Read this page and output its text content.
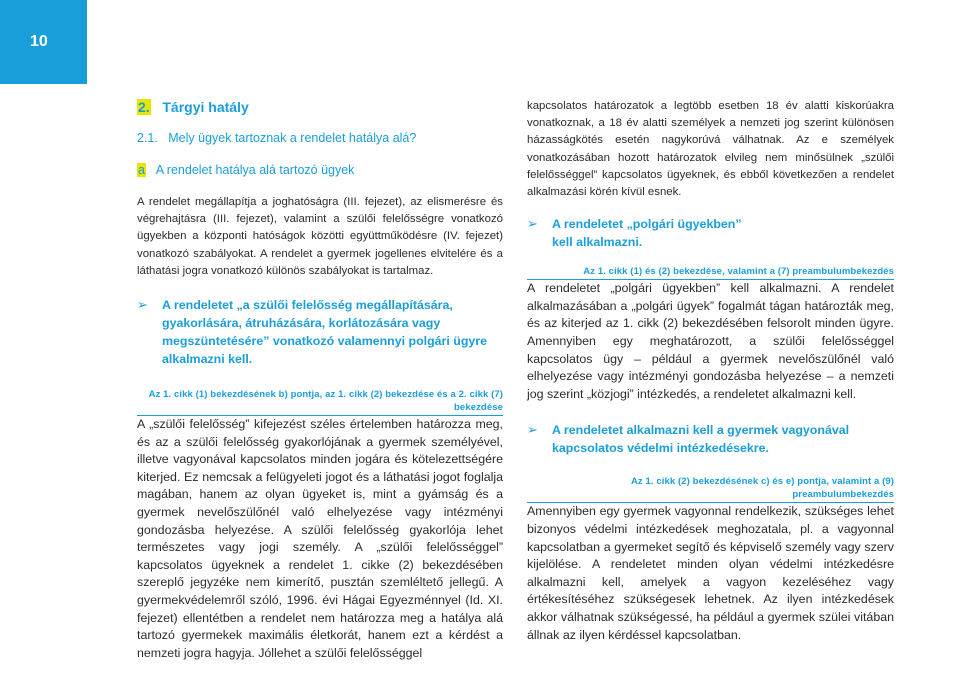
10
2. Tárgyi hatály
2.1.   Mely ügyek tartoznak a rendelet hatálya alá?
a A rendelet hatálya alá tartozó ügyek

A rendelet megállapítja a joghatóságra (III. fejezet), az elismerésre és végrehajtásra (III. fejezet), valamint a szülői felelősségre vonatkozó ügyekben a központi hatóságok közötti együttműködésre (IV. fejezet) vonatkozó szabályokat. A rendelet a gyermek jogellenes elvitelére és a láthatási jogra vonatkozó különös szabályokat is tartalmaz.

➢ A rendeletet „a szülői felelősség megállapítására, gyakorlására, átruházására, korlátozására vagy megszüntetésére” vonatkozó valamennyi polgári ügyre alkalmazni kell.
Az 1. cikk (1) bekezdésének b) pontja, az 1. cikk (2) bekezdése és a 2. cikk (7) bekezdése

A „szülői felelősség” kifejezést széles értelemben határozza meg, és az a szülői felelősség gyakorlójának a gyermek személyével, illetve vagyonával kapcsolatos minden jogára és kötelezettségére kiterjed. Ez nemcsak a felügyeleti jogot és a láthatási jogot foglalja magában, hanem az olyan ügyeket is, mint a gyámság és a gyermek nevelőszülőnél való elhelyezése vagy intézményi gondozásba helyezése. A szülői felelősség gyakorlója lehet természetes vagy jogi személy. A „szülői felelősséggel” kapcsolatos ügyeknek a rendelet 1. cikke (2) bekezdésében szereplő jegyzéke nem kimerítő, pusztán szemléltető jellegű. A gyermekvédelemről szóló, 1996. évi Hágai Egyezménnyel (Id. XI. fejezet) ellentétben a rendelet nem határozza meg a hatálya alá tartozó gyermekek maximális életkorát, hanem ezt a kérdést a nemzeti jogra hagyja. Jóllehet a szülői felelősséggel

kapcsolatos határozatok a legtöbb esetben 18 év alatti kiskorúakra vonatkoznak, a 18 év alatti személyek a nemzeti jog szerint különösen házasságkötés esetén nagykorúvá válhatnak. Az e személyek vonatkozásában hozott határozatok elvileg nem minősülnek „szülői felelősséggel” kapcsolatos ügyeknek, és ebből következően a rendelet alkalmazási körén kívül esnek.

➢ A rendeletet „polgári ügyekben” kell alkalmazni.
Az 1. cikk (1) és (2) bekezdése, valamint a (7) preambulumbekezdés

A rendeletet „polgári ügyekben” kell alkalmazni. A rendelet alkalmazásában a „polgári ügyek” fogalmát tágan határozták meg, és az kiterjed az 1. cikk (2) bekezdésében felsorolt minden ügyre. Amennyiben egy meghatározott, a szülői felelősséggel kapcsolatos ügy – például a gyermek nevelőszülőnél való elhelyezése vagy intézményi gondozásba helyezése – a nemzeti jog szerint „közjogi” intézkedés, a rendeletet alkalmazni kell.

➢ A rendeletet alkalmazni kell a gyermek vagyonával kapcsolatos védelmi intézkedésekre.
Az 1. cikk (2) bekezdésének c) és e) pontja, valamint a (9) preambulumbekezdés

Amennyiben egy gyermek vagyonnal rendelkezik, szükséges lehet bizonyos védelmi intézkedések meghozatala, pl. a vagyonnal kapcsolatban a gyermeket segítő és képviselő személy vagy szerv kijelölése. A rendeletet minden olyan védelmi intézkedésre alkalmazni kell, amelyek a vagyon kezeléséhez vagy értékesítéséhez szükségesek lehetnek. Az ilyen intézkedések akkor válhatnak szükségessé, ha például a gyermek szülei vitában állnak az ilyen kérdéssel kapcsolatban.
